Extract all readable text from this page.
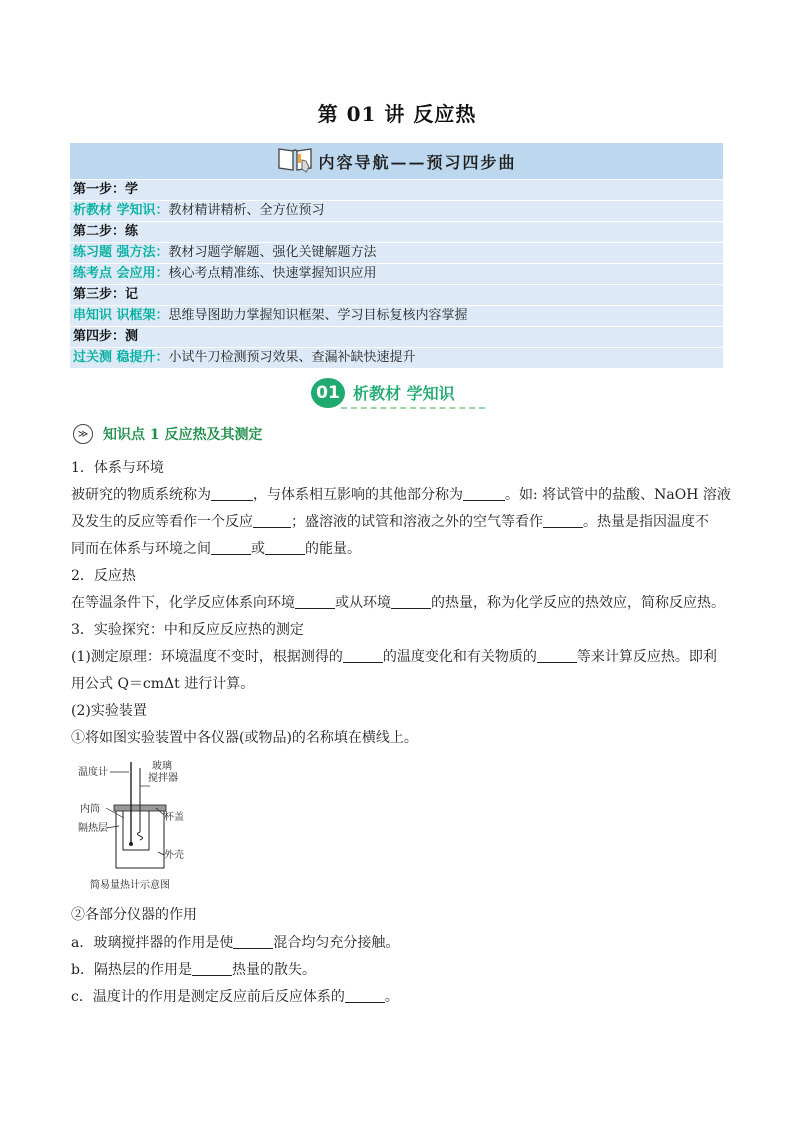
第 01 讲 反应热
内容导航——预习四步曲
第一步：学
析教材 学知识：教材精讲精析、全方位预习
第二步：练
练习题 强方法：教材习题学解题、强化关键解题方法
练考点 会应用：核心考点精准练、快速掌握知识应用
第三步：记
串知识 识框架：思维导图助力掌握知识框架、学习目标复核内容掌握
第四步：测
过关测 稳提升：小试牛刀检测预习效果、查漏补缺快速提升
01 析教材 学知识
≫	知识点 1 反应热及其测定
1．体系与环境
被研究的物质系统称为	，与体系相互影响的其他部分称为	。如: 将试管中的盐酸、NaOH 溶液
及发生的反应等看作一个反应	；盛溶液的试管和溶液之外的空气等看作	。热量是指因温度不
同而在体系与环境之间	或	的能量。
2．反应热
在等温条件下，化学反应体系向环境	或从环境	的热量，称为化学反应的热效应，简称反应热。
3．实验探究：中和反应反应热的测定
(1)测定原理：环境温度不变时，根据测得的	的温度变化和有关物质的	等来计算反应热。即利
用公式 Q＝cmΔt 进行计算。
(2)实验装置
①将如图实验装置中各仪器(或物品)的名称填在横线上。
温度计
玻璃
搅拌器
内筒
杯盖
隔热层
外壳
简易量热计示意图
②各部分仪器的作用
a．玻璃搅拌器的作用是使	混合均匀充分接触。
b．隔热层的作用是	热量的散失。
c．温度计的作用是测定反应前后反应体系的	。
